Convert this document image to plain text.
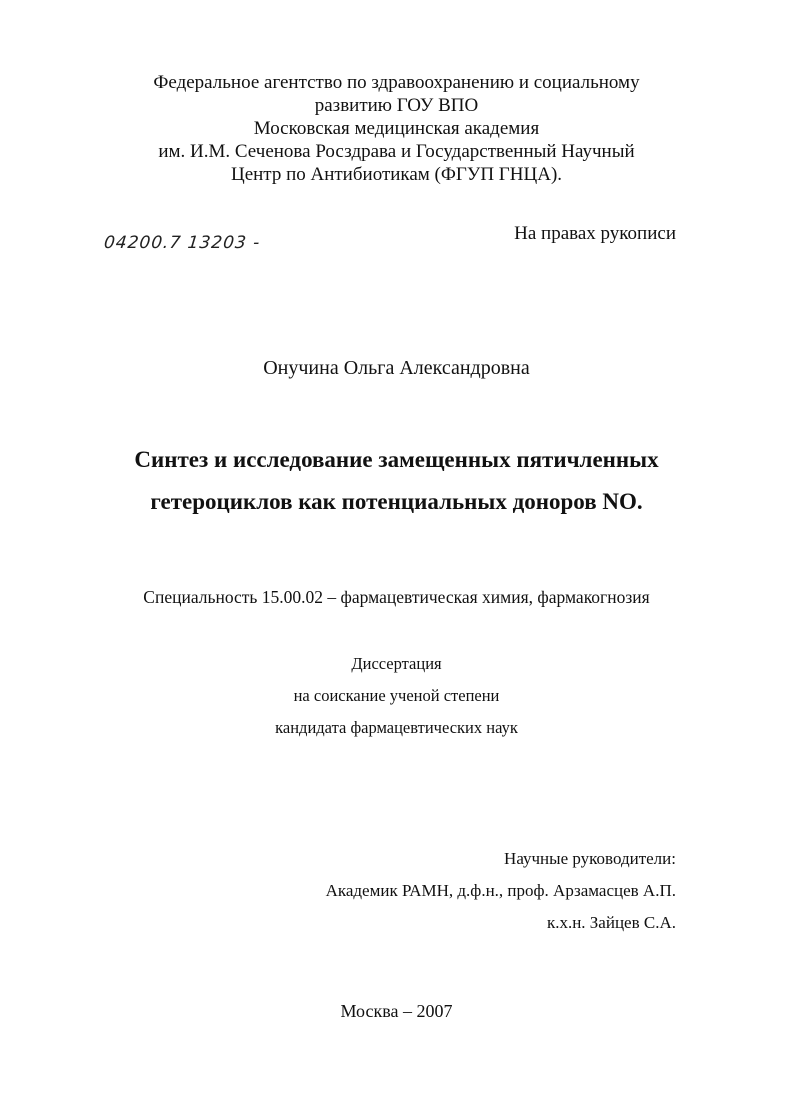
Федеральное агентство по здравоохранению и социальному
развитию ГОУ ВПО
Московская медицинская академия
им. И.М. Сеченова Росздрава и Государственный Научный
Центр по Антибиотикам (ФГУП ГНЦА).
04200.7 13203 -	На правах рукописи
Онучина Ольга Александровна
Синтез и исследование замещенных пятичленных
гетероциклов как потенциальных доноров NO.
Специальность 15.00.02 – фармацевтическая химия, фармакогнозия
Диссертация
на соискание ученой степени
кандидата фармацевтических наук
Научные руководители:
Академик РАМН, д.ф.н., проф. Арзамасцев А.П.
к.х.н. Зайцев С.А.
Москва – 2007
